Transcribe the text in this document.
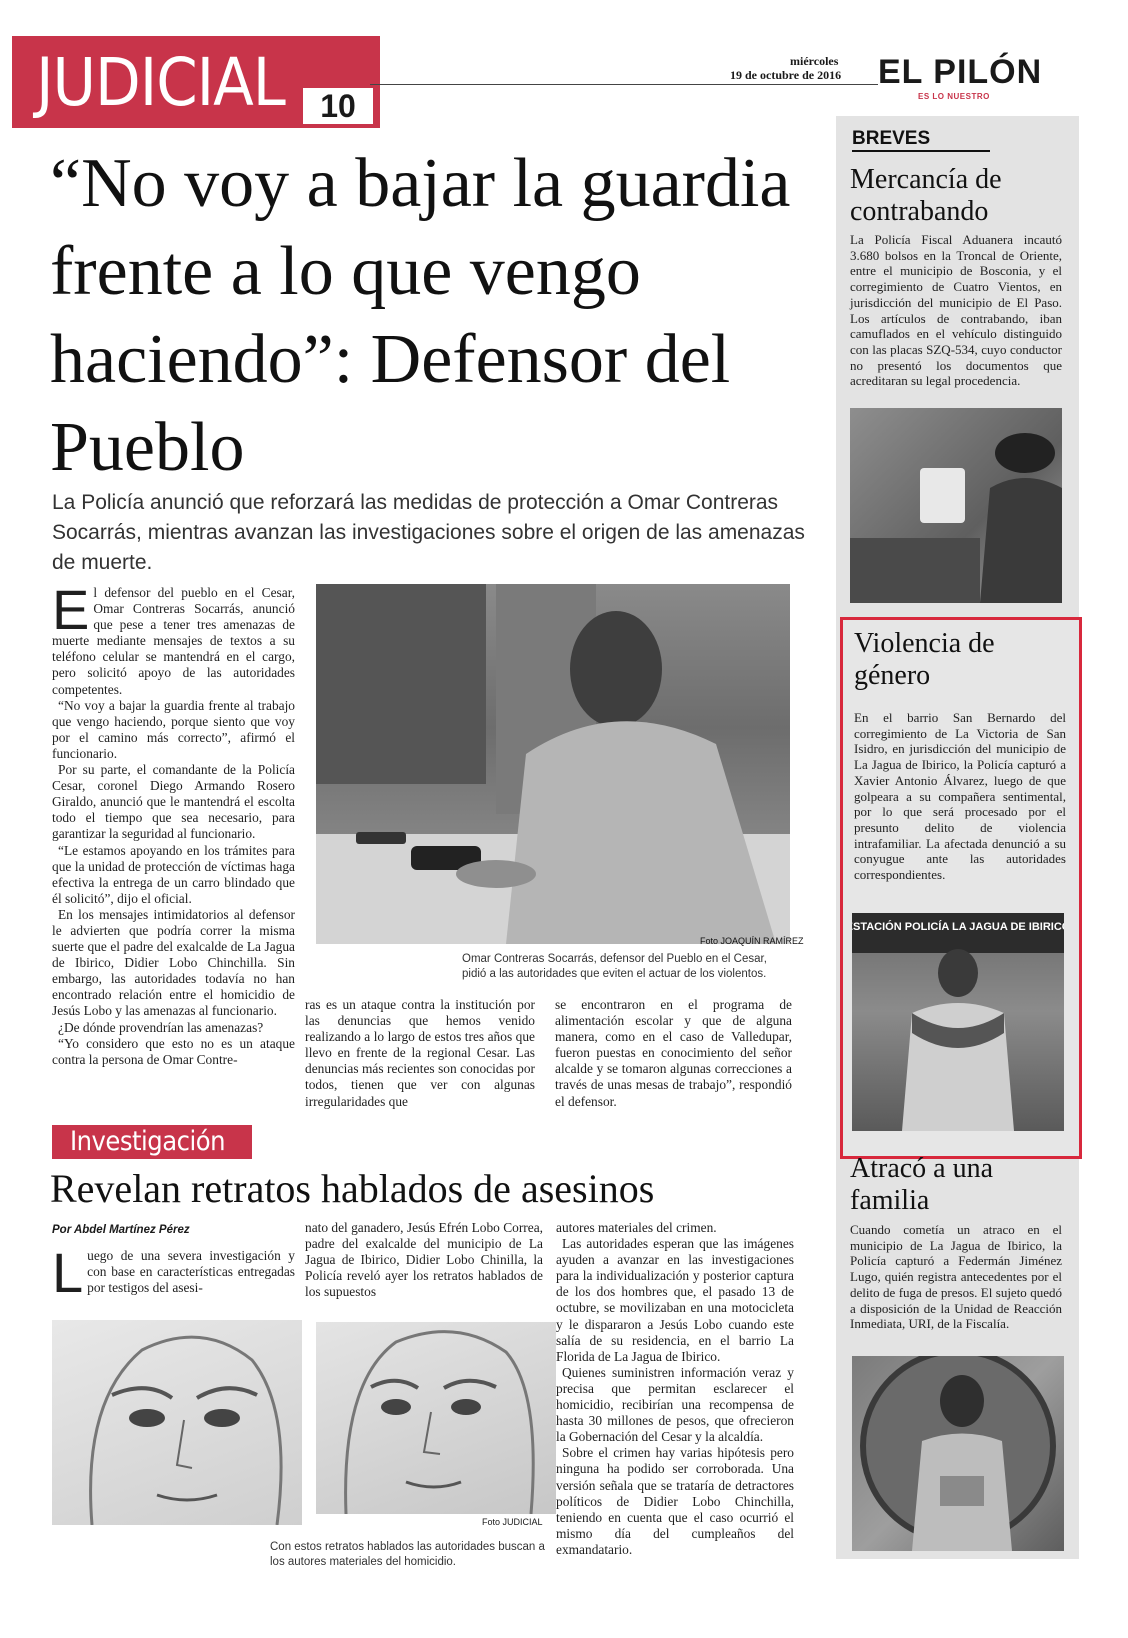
JUDICIAL	10
miércoles
19 de octubre de 2016 EL PILÓN
ES LO NUESTRO
“No voy a bajar la guardia frente a lo que vengo haciendo”: Defensor del Pueblo
La Policía anunció que reforzará las medidas de protección a Omar Contreras Socarrás, mientras avanzan las investigaciones sobre el origen de las amenazas de muerte.
E l defensor del pueblo en el Cesar, Omar Contreras Socarrás, anunció que pese a tener tres amenazas de muerte mediante mensajes de textos a su teléfono celular se mantendrá en el cargo, pero solicitó apoyo de las autoridades competentes.

“No voy a bajar la guardia frente al trabajo que vengo haciendo, porque siento que voy por el camino más correcto”, afirmó el funcionario.

Por su parte, el comandante de la Policía Cesar, coronel Diego Armando Rosero Giraldo, anunció que le mantendrá el escolta todo el tiempo que sea necesario, para garantizar la seguridad al funcionario.

“Le estamos apoyando en los trámites para que la unidad de protección de víctimas haga efectiva la entrega de un carro blindado que él solicitó”, dijo el oficial.

En los mensajes intimidatorios al defensor le advierten que podría correr la misma suerte que el padre del exalcalde de La Jagua de Ibirico, Didier Lobo Chinchilla. Sin embargo, las autoridades todavía no han encontrado relación entre el homicidio de Jesús Lobo y las amenazas al funcionario.

¿De dónde provendrían las amenazas?

“Yo considero que esto no es un ataque contra la persona de Omar Contre-

Foto JOAQUÍN RAMÍREZ
Omar Contreras Socarrás, defensor del Pueblo en el Cesar, pidió a las autoridades que eviten el actuar de los violentos.

ras es un ataque contra la institución por las denuncias que hemos venido realizando a lo largo de estos tres años que llevo en frente de la regional Cesar. Las denuncias más recientes son conocidas por todos, tienen que ver con algunas irregularidades que

se encontraron en el programa de alimentación escolar y que de alguna manera, como en el caso de Valledupar, fueron puestas en conocimiento del señor alcalde y se tomaron algunas correcciones a través de unas mesas de trabajo”, respondió el defensor.

Investigación
Revelan retratos hablados de asesinos
Por Abdel Martínez Pérez
L uego de una severa investigación y con base en características entregadas por testigos del asesi-

nato del ganadero, Jesús Efrén Lobo Correa, padre del exalcalde del municipio de La Jagua de Ibirico, Didier Lobo Chinilla, la Policía reveló ayer los retratos hablados de los supuestos

autores materiales del crimen.

Las autoridades esperan que las imágenes ayuden a avanzar en las investigaciones para la individualización y posterior captura de los dos hombres que, el pasado 13 de octubre, se movilizaban en una motocicleta y le dispararon a Jesús Lobo cuando este salía de su residencia, en el barrio La Florida de La Jagua de Ibirico.

Quienes suministren información veraz y precisa que permitan esclarecer el homicidio, recibirían una recompensa de hasta 30 millones de pesos, que ofrecieron la Gobernación del Cesar y la alcaldía.

Sobre el crimen hay varias hipótesis pero ninguna ha podido ser corroborada. Una versión señala que se trataría de detractores políticos de Didier Lobo Chinchilla, teniendo en cuenta que el caso ocurrió el mismo día del cumpleaños del exmandatario.

Foto JUDICIAL
Con estos retratos hablados las autoridades buscan a los autores materiales del homicidio.
BREVES
Mercancía de contrabando
La Policía Fiscal Aduanera incautó 3.680 bolsos en la Troncal de Oriente, entre el municipio de Bosconia, y el corregimiento de Cuatro Vientos, en jurisdicción del municipio de El Paso. Los artículos de contrabando, iban camuflados en el vehículo distinguido con las placas SZQ-534, cuyo conductor no presentó los documentos que acreditaran su legal procedencia.
Violencia de género
En el barrio San Bernardo del corregimiento de La Victoria de San Isidro, en jurisdicción del municipio de La Jagua de Ibirico, la Policía capturó a Xavier Antonio Álvarez, luego de que golpeara a su compañera sentimental, por lo que será procesado por el presunto delito de violencia intrafamiliar. La afectada denunció a su conyugue ante las autoridades correspondientes.
ESTACIÓN POLICÍA LA JAGUA DE IBIRICO
Atracó a una familia
Cuando cometía un atraco en el municipio de La Jagua de Ibirico, la Policía capturó a Federmán Jiménez Lugo, quién registra antecedentes por el delito de fuga de presos. El sujeto quedó a disposición de la Unidad de Reacción Inmediata, URI, de la Fiscalía.
